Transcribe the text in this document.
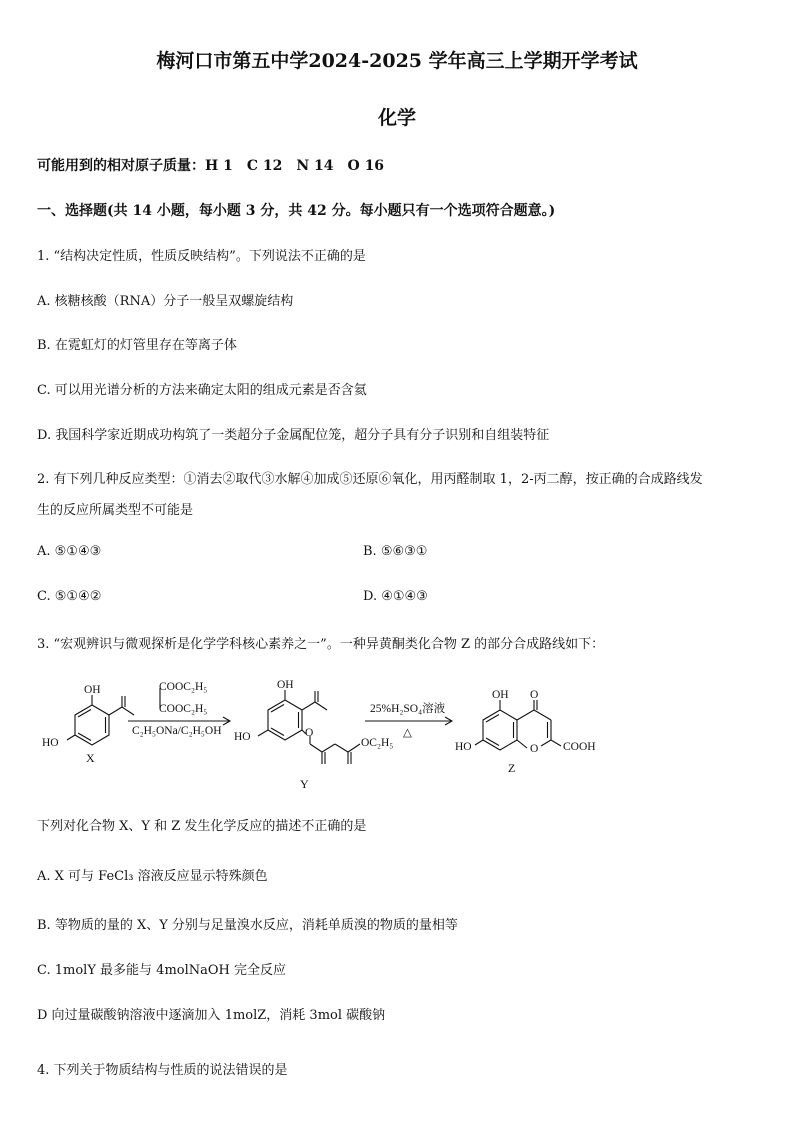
梅河口市第五中学2024-2025 学年高三上学期开学考试
化学
可能用到的相对原子质量：H 1　C 12　N 14　O 16
一、选择题(共 14 小题，每小题 3 分，共 42 分。每小题只有一个选项符合题意。)
1. “结构决定性质，性质反映结构”。下列说法不正确的是
A. 核糖核酸（RNA）分子一般呈双螺旋结构
B. 在霓虹灯的灯管里存在等离子体
C. 可以用光谱分析的方法来确定太阳的组成元素是否含氦
D. 我国科学家近期成功构筑了一类超分子金属配位笼，超分子具有分子识别和自组装特征
2. 有下列几种反应类型：①消去②取代③水解④加成⑤还原⑥氧化，用丙醛制取 1，2-丙二醇，按正确的合成路线发
生的反应所属类型不可能是
A. ⑤①④③	B. ⑤⑥③①
C. ⑤①④②	D. ④①④③
3. “宏观辨识与微观探析是化学学科核心素养之一”。一种异黄酮类化合物 Z 的部分合成路线如下：
OH
HO
X
COOC₂H₅
COOC₂H₅
C₂H₅ONa/C₂H₅OH
OH
HO	O
OC₂H₅
Y
25%H₂SO₄溶液
△
OH O
HO	O COOH
Z
下列对化合物 X、Y 和 Z 发生化学反应的描述不正确的是
A. X 可与 FeCl₃ 溶液反应显示特殊颜色
B. 等物质的量的 X、Y 分别与足量溴水反应，消耗单质溴的物质的量相等
C. 1molY 最多能与 4molNaOH 完全反应
D 向过量碳酸钠溶液中逐滴加入 1molZ，消耗 3mol 碳酸钠
4. 下列关于物质结构与性质的说法错误的是
